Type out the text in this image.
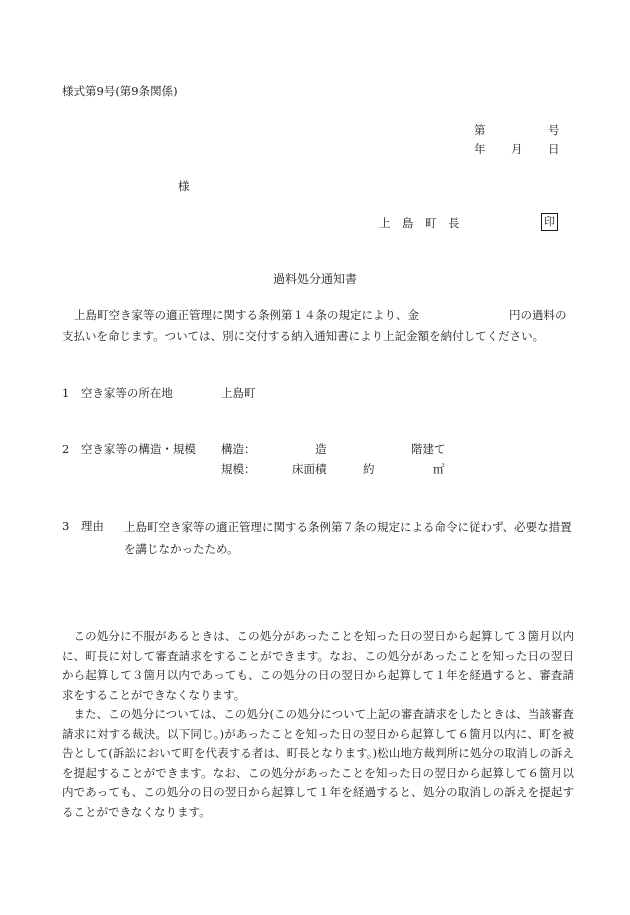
様式第9号(第9条関係)
第	号
年 月 日
様
上　島　町　長	印
過料処分通知書
上島町空き家等の適正管理に関する条例第１４条の規定により、金	円の過料の
支払いを命じます。ついては、別に交付する納入通知書により上記金額を納付してください。
1　空き家等の所在地	上島町
2　空き家等の構造・規模 構造：	造	階建て
規模：	床面積	約	㎡
3　理由 上島町空き家等の適正管理に関する条例第７条の規定による命令に従わず、必要な措置を講じなかったため。
この処分に不服があるときは、この処分があったことを知った日の翌日から起算して３箇月以内に、町長に対して審査請求をすることができます。なお、この処分があったことを知った日の翌日から起算して３箇月以内であっても、この処分の日の翌日から起算して１年を経過すると、審査請求をすることができなくなります。
また、この処分については、この処分(この処分について上記の審査請求をしたときは、当該審査請求に対する裁決。以下同じ。)があったことを知った日の翌日から起算して６箇月以内に、町を被告として(訴訟において町を代表する者は、町長となります。)松山地方裁判所に処分の取消しの訴えを提起することができます。なお、この処分があったことを知った日の翌日から起算して６箇月以内であっても、この処分の日の翌日から起算して１年を経過すると、処分の取消しの訴えを提起することができなくなります。
